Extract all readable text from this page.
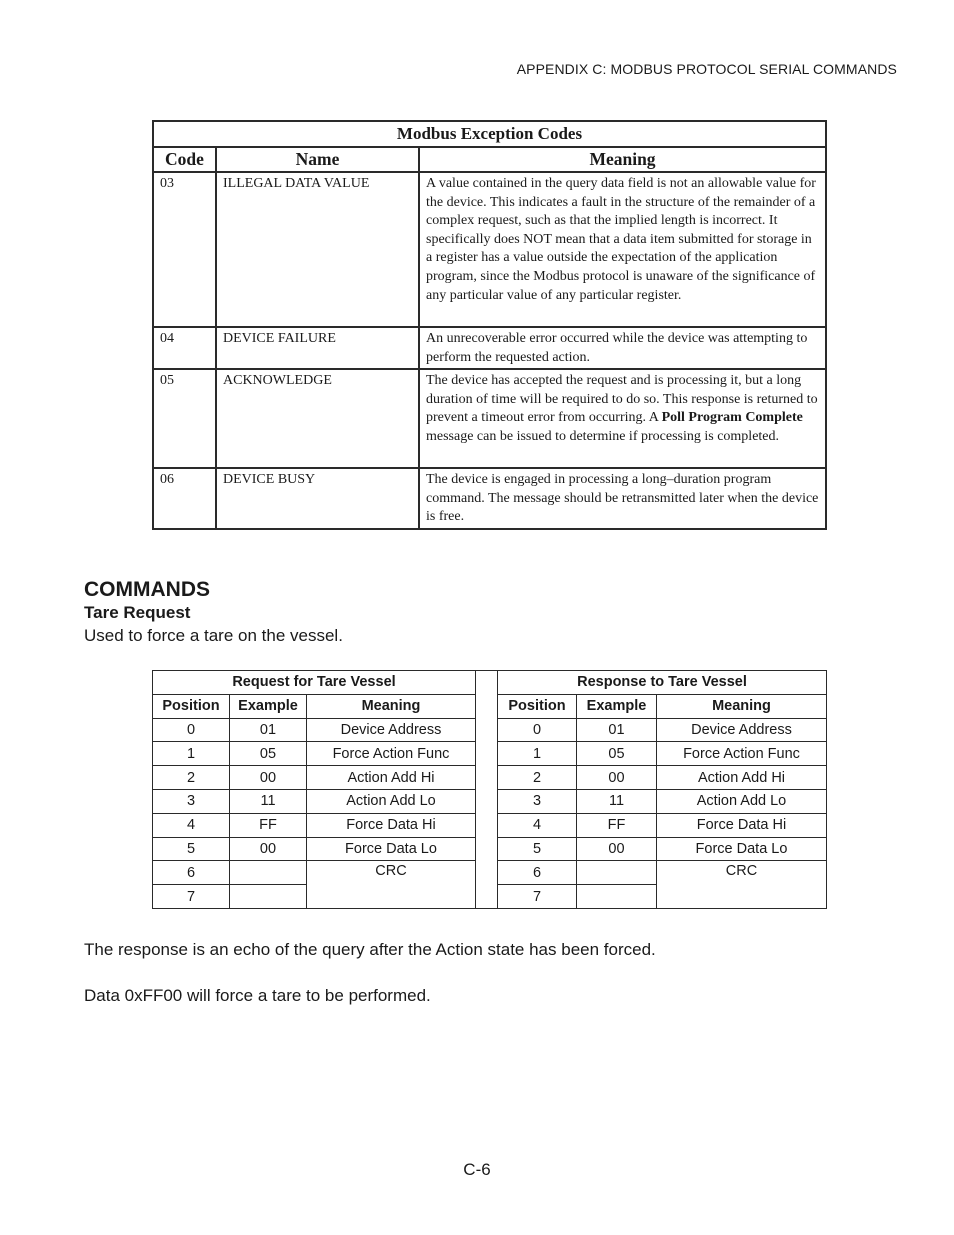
APPENDIX C: MODBUS PROTOCOL SERIAL COMMANDS
Modbus Exception Codes		
Code	Name	Meaning
03	ILLEGAL DATA VALUE	A value contained in the query data field is not an allowable value for the device. This indicates a fault in the structure of the remainder of a complex request, such as that the implied length is incorrect. It specifically does NOT mean that a data item submitted for storage in a register has a value outside the expectation of the application program, since the Modbus protocol is unaware of the significance of any particular value of any particular register.
04	DEVICE FAILURE	An unrecoverable error occurred while the device was attempting to perform the requested action.
05	ACKNOWLEDGE	The device has accepted the request and is processing it, but a long duration of time will be required to do so. This response is returned to prevent a timeout error from occurring. A Poll Program Complete message can be issued to determine if processing is completed.
06	DEVICE BUSY	The device is engaged in processing a long–duration program command. The message should be retransmitted later when the device is free.
COMMANDS
Tare Request

Used to force a tare on the vessel.

Request for Tare Vessel		
Position	Example	Meaning
0	01	Device Address
1	05	Force Action Func
2	00	Action Add Hi
3	11	Action Add Lo
4	FF	Force Data Hi
5	00	Force Data Lo
6		CRC
7		
Response to Tare Vessel		
Position	Example	Meaning
0	01	Device Address
1	05	Force Action Func
2	00	Action Add Hi
3	11	Action Add Lo
4	FF	Force Data Hi
5	00	Force Data Lo
6		CRC
7		

The response is an echo of the query after the Action state has been forced.

Data 0xFF00 will force a tare to be performed.

C-6
